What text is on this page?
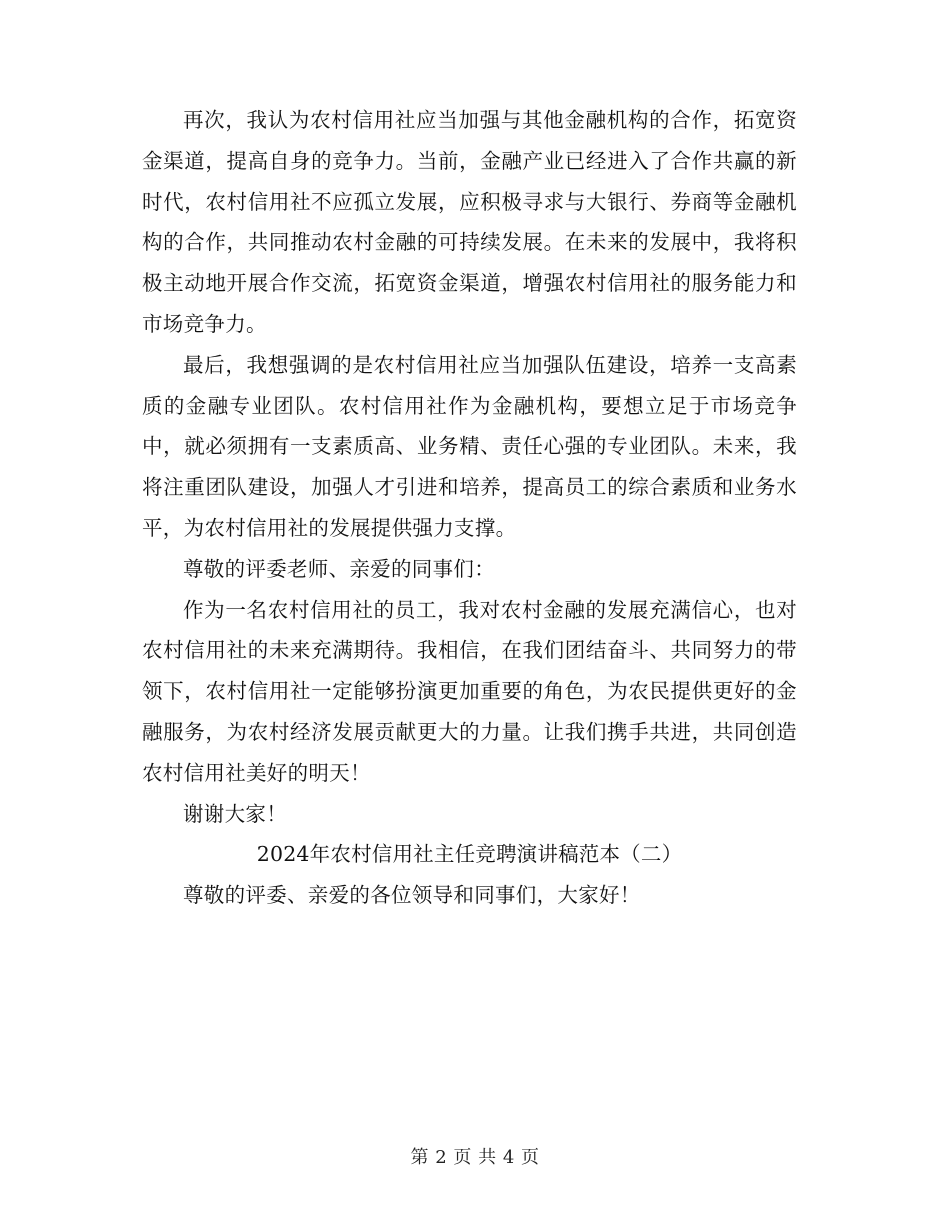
再次，我认为农村信用社应当加强与其他金融机构的合作，拓宽资金渠道，提高自身的竞争力。当前，金融产业已经进入了合作共赢的新时代，农村信用社不应孤立发展，应积极寻求与大银行、券商等金融机构的合作，共同推动农村金融的可持续发展。在未来的发展中，我将积极主动地开展合作交流，拓宽资金渠道，增强农村信用社的服务能力和市场竞争力。

最后，我想强调的是农村信用社应当加强队伍建设，培养一支高素质的金融专业团队。农村信用社作为金融机构，要想立足于市场竞争中，就必须拥有一支素质高、业务精、责任心强的专业团队。未来，我将注重团队建设，加强人才引进和培养，提高员工的综合素质和业务水平，为农村信用社的发展提供强力支撑。

尊敬的评委老师、亲爱的同事们：

作为一名农村信用社的员工，我对农村金融的发展充满信心，也对农村信用社的未来充满期待。我相信，在我们团结奋斗、共同努力的带领下，农村信用社一定能够扮演更加重要的角色，为农民提供更好的金融服务，为农村经济发展贡献更大的力量。让我们携手共进，共同创造农村信用社美好的明天！

谢谢大家！

2024年农村信用社主任竞聘演讲稿范本（二）

尊敬的评委、亲爱的各位领导和同事们，大家好！

第 2 页 共 4 页
